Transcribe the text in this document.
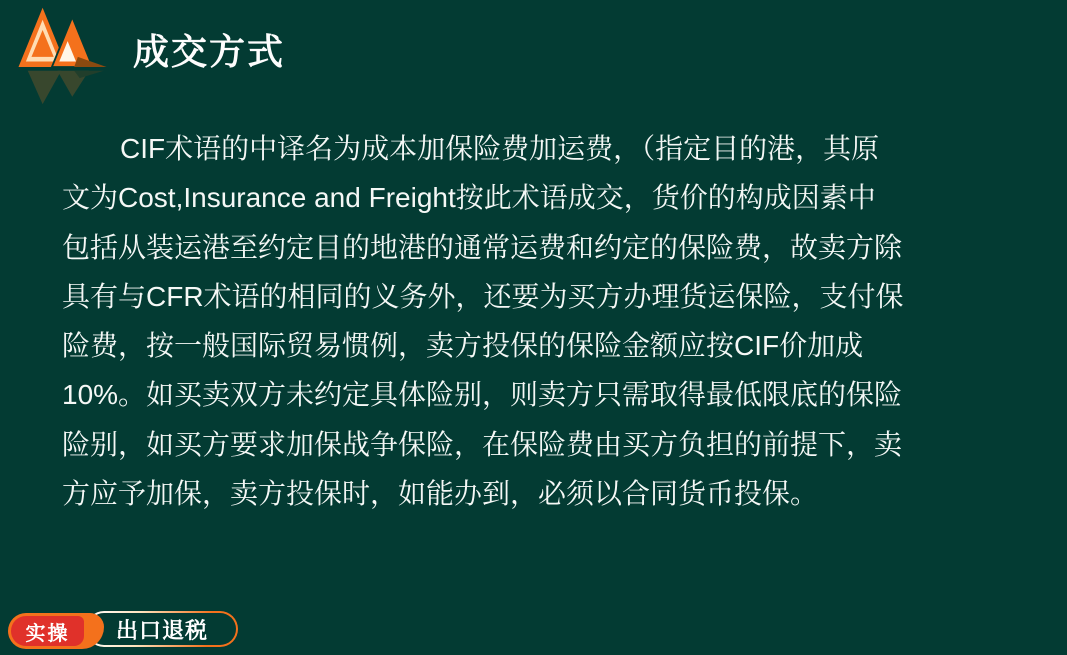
成交方式
CIF术语的中译名为成本加保险费加运费，（指定目的港，其原
文为Cost,Insurance and Freight按此术语成交，货价的构成因素中
包括从装运港至约定目的地港的通常运费和约定的保险费，故卖方除
具有与CFR术语的相同的义务外，还要为买方办理货运保险，支付保
险费，按一般国际贸易惯例，卖方投保的保险金额应按CIF价加成
10%。如买卖双方未约定具体险别，则卖方只需取得最低限底的保险
险别，如买方要求加保战争保险，在保险费由买方负担的前提下，卖
方应予加保，卖方投保时，如能办到，必须以合同货币投保。
出口退税
实操
